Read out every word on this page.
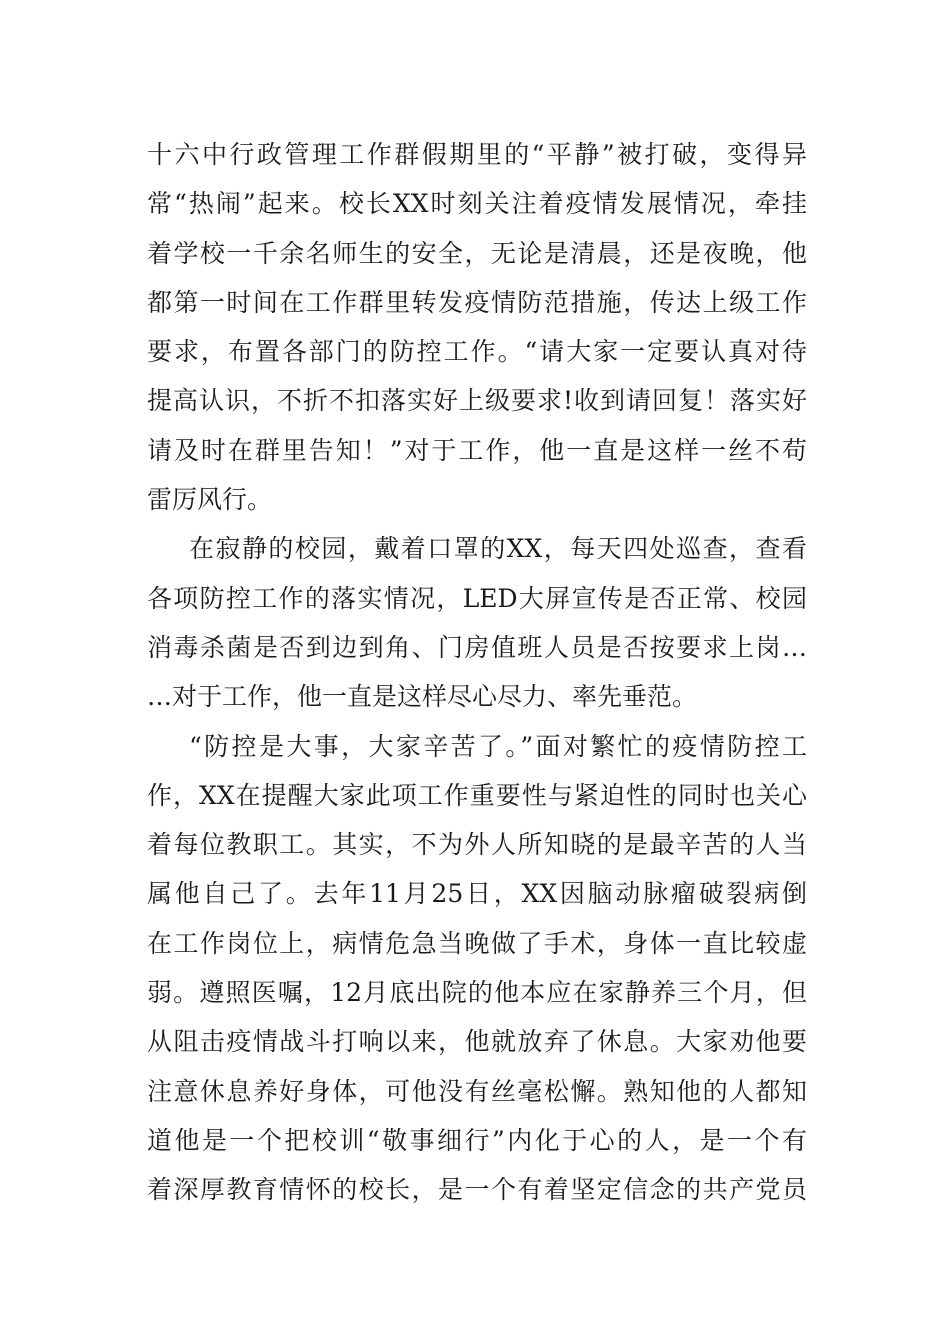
十六中行政管理工作群假期里的“平静”被打破，变得异
常“热闹”起来。校长XX时刻关注着疫情发展情况，牵挂
着学校一千余名师生的安全，无论是清晨，还是夜晚，他
都第一时间在工作群里转发疫情防范措施，传达上级工作
要求，布置各部门的防控工作。“请大家一定要认真对待
提高认识，不折不扣落实好上级要求!收到请回复！落实好
请及时在群里告知！”对于工作，他一直是这样一丝不苟
雷厉风行。
在寂静的校园，戴着口罩的XX，每天四处巡查，查看
各项防控工作的落实情况，LED大屏宣传是否正常、校园
消毒杀菌是否到边到角、门房值班人员是否按要求上岗…
…对于工作，他一直是这样尽心尽力、率先垂范。
“防控是大事，大家辛苦了。”面对繁忙的疫情防控工
作，XX在提醒大家此项工作重要性与紧迫性的同时也关心
着每位教职工。其实，不为外人所知晓的是最辛苦的人当
属他自己了。去年11月25日，XX因脑动脉瘤破裂病倒
在工作岗位上，病情危急当晚做了手术，身体一直比较虚
弱。遵照医嘱，12月底出院的他本应在家静养三个月，但
从阻击疫情战斗打响以来，他就放弃了休息。大家劝他要
注意休息养好身体，可他没有丝毫松懈。熟知他的人都知
道他是一个把校训“敬事细行”内化于心的人，是一个有
着深厚教育情怀的校长，是一个有着坚定信念的共产党员
